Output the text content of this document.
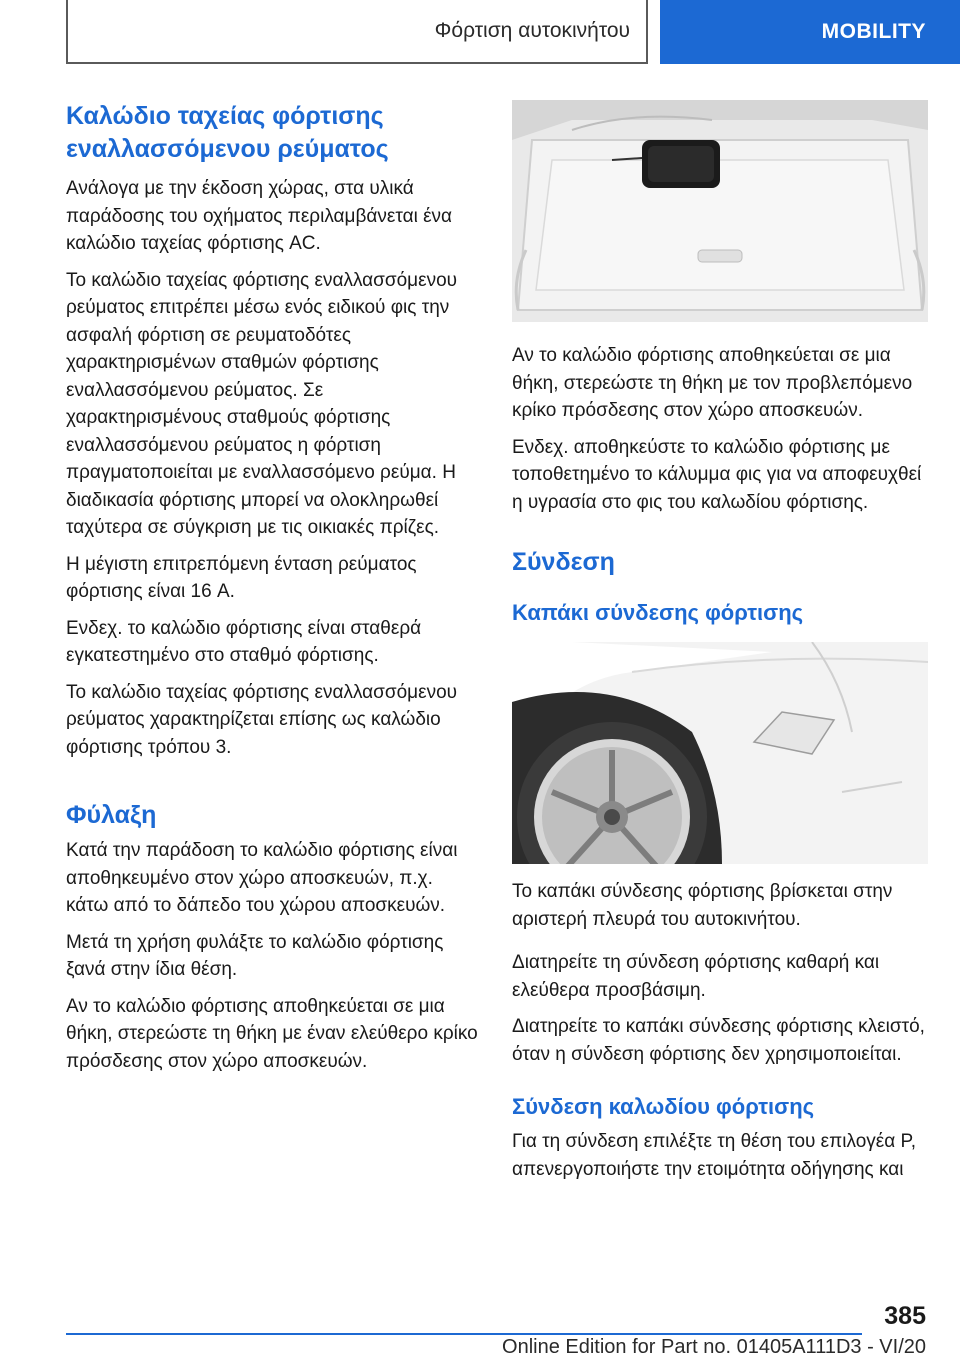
Φόρτιση αυτοκινήτου	MOBILITY
Καλώδιο ταχείας φόρτισης εναλλασσόμενου ρεύματος

Ανάλογα με την έκδοση χώρας, στα υλικά παράδοσης του οχήματος περιλαμβάνεται ένα καλώδιο ταχείας φόρτισης AC.

Το καλώδιο ταχείας φόρτισης εναλλασσόμενου ρεύματος επιτρέπει μέσω ενός ειδικού φις την ασφαλή φόρτιση σε ρευματοδότες χαρακτηρισμένων σταθμών φόρτισης εναλλασσόμενου ρεύματος. Σε χαρακτηρισμένους σταθμούς φόρτισης εναλλασσόμενου ρεύματος η φόρτιση πραγματοποιείται με εναλλασσόμενο ρεύμα. Η διαδικασία φόρτισης μπορεί να ολοκληρωθεί ταχύτερα σε σύγκριση με τις οικιακές πρίζες.

Η μέγιστη επιτρεπόμενη ένταση ρεύματος φόρτισης είναι 16 A.

Ενδεχ. το καλώδιο φόρτισης είναι σταθερά εγκατεστημένο στο σταθμό φόρτισης.

Το καλώδιο ταχείας φόρτισης εναλλασσόμενου ρεύματος χαρακτηρίζεται επίσης ως καλώδιο φόρτισης τρόπου 3.

Φύλαξη

Κατά την παράδοση το καλώδιο φόρτισης είναι αποθηκευμένο στον χώρο αποσκευών, π.χ. κάτω από το δάπεδο του χώρου αποσκευών.

Μετά τη χρήση φυλάξτε το καλώδιο φόρτισης ξανά στην ίδια θέση.

Αν το καλώδιο φόρτισης αποθηκεύεται σε μια θήκη, στερεώστε τη θήκη με έναν ελεύθερο κρίκο πρόσδεσης στον χώρο αποσκευών.

Αν το καλώδιο φόρτισης αποθηκεύεται σε μια θήκη, στερεώστε τη θήκη με τον προβλεπόμενο κρίκο πρόσδεσης στον χώρο αποσκευών.

Ενδεχ. αποθηκεύστε το καλώδιο φόρτισης με τοποθετημένο το κάλυμμα φις για να αποφευχθεί η υγρασία στο φις του καλωδίου φόρτισης.

Σύνδεση
Καπάκι σύνδεσης φόρτισης

Το καπάκι σύνδεσης φόρτισης βρίσκεται στην αριστερή πλευρά του αυτοκινήτου.

Διατηρείτε τη σύνδεση φόρτισης καθαρή και ελεύθερα προσβάσιμη.

Διατηρείτε το καπάκι σύνδεσης φόρτισης κλειστό, όταν η σύνδεση φόρτισης δεν χρησιμοποιείται.

Σύνδεση καλωδίου φόρτισης

Για τη σύνδεση επιλέξτε τη θέση του επιλογέα P, απενεργοποιήστε την ετοιμότητα οδήγησης και

385
Online Edition for Part no. 01405A111D3 - VI/20
